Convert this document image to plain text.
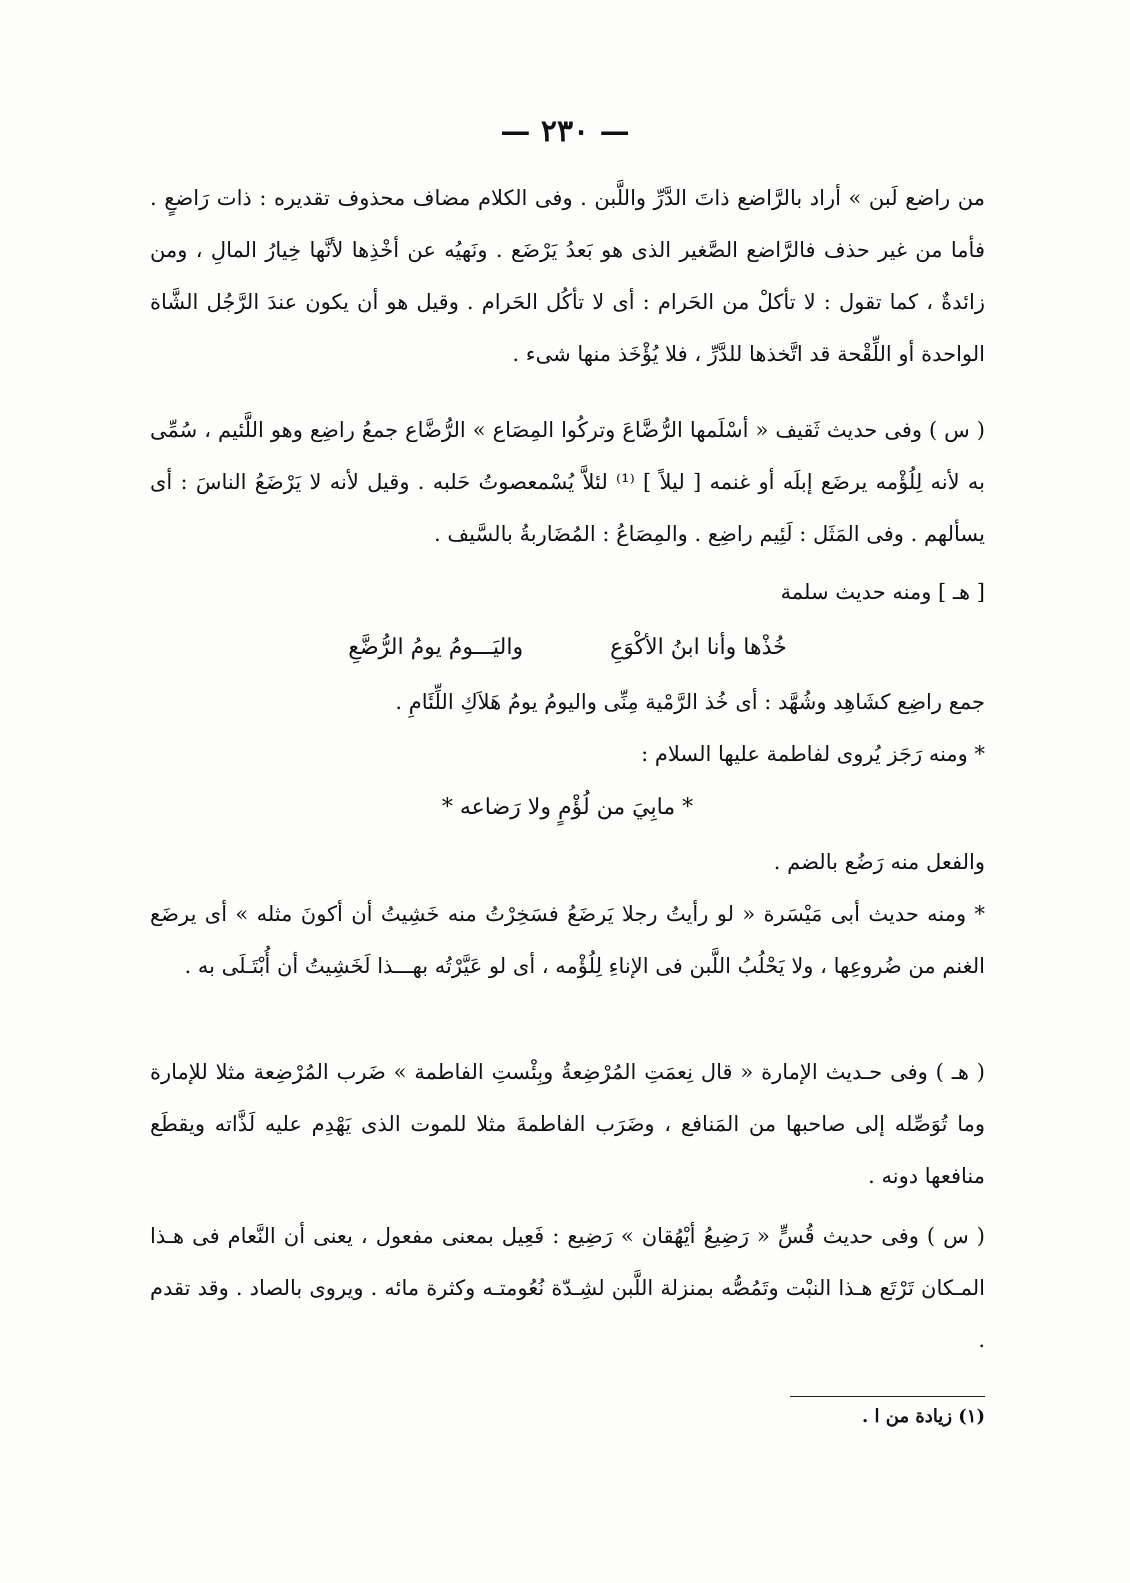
— ٢٣٠ —

من راضع لَبن » أراد بالرَّاضع ذاتَ الدَّرِّ واللَّبن . وفى الكلام مضاف محذوف تقديره : ذات رَاضعٍ . فأما من غير حذف فالرَّاضع الصَّغير الذى هو بَعدُ يَرْضَع . ونَهيُه عن أخْذِها لأنَّها خِيارُ المالِ ، ومن زائدةٌ ، كما تقول : لا تأكلْ من الحَرام : أى لا تأكُل الحَرام . وقيل هو أن يكون عندَ الرَّجُل الشَّاة الواحدة أو اللِّقْحة قد اتَّخذها للدَّرِّ ، فلا يُؤْخَذ منها شىء .

( س ) وفى حديث ثَقيف « أسْلَمها الرُّضَّاعَ وتركُوا المِصَاع » الرُّضَّاع جمعُ راضِع وهو اللَّئيم ، سُمِّى به لأنه لِلُؤْمه يرضَع إبلَه أو غنمه [ ليلاً ] ⁽¹⁾ لئلاَّ يُسْمعصوتُ حَلبه . وقيل لأنه لا يَرْضَعُ الناسَ : أى يسألهم . وفى المَثَل : لَئِيم راضِع . والمِصَاعُ : المُضَاربةُ بالسَّيف .

[ هـ ] ومنه حديث سلمة

خُذْها وأنا ابنُ الأكْوَعِ واليَـــومُ يومُ الرُّضَّعِ

جمع راضِع كشَاهِد وشُهَّد : أى خُذ الرَّمْية مِنِّى واليومُ يومُ هَلاَكِ اللِّئَامِ .

* ومنه رَجَز يُروى لفاطمة عليها السلام :

* مابِيَ من لُؤْمٍ ولا رَضاعه *

والفعل منه رَضُع بالضم .

* ومنه حديث أبى مَيْسَرة « لو رأيتُ رجلا يَرضَعُ فسَخِرْتُ منه خَشِيتُ أن أكونَ مثله » أى يرضَع الغنم من ضُروعِها ، ولا يَحْلُبُ اللَّبن فى الإناءِ لِلُؤْمه ، أى لو عَيَّرْتُه بهـــذا لَخَشِيتُ أن أُبْتَـلَى به .

( هـ ) وفى حـديث الإمارة « قال نِعمَتِ المُرْضِعةُ وبِئْستِ الفاطمة » ضَرب المُرْضِعة مثلا للإمارة وما تُوَصِّله إلى صاحبها من المَنافع ، وضَرَب الفاطمةَ مثلا للموت الذى يَهْدِم عليه لَذَّاته ويقطَع منافعها دونه .

( س ) وفى حديث قُسٍّ « رَضِيعُ أيْهُقان » رَضِيع : فَعِيل بمعنى مفعول ، يعنى أن النَّعام فى هـذا المـكان تَرْتَع هـذا النبْت وتَمُصُّه بمنزلة اللَّبن لشِـدّة نُعُومتـه وكثرة مائه . ويروى بالصاد . وقد تقدم .

(١) زيادة من ا .
